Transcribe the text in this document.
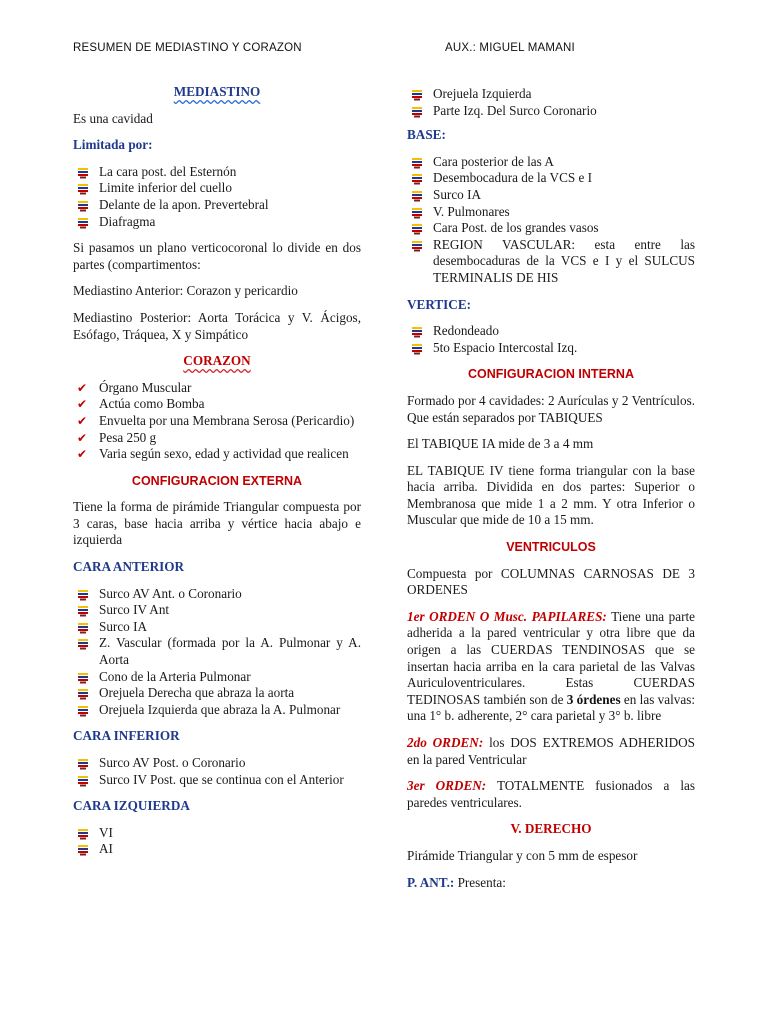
RESUMEN DE MEDIASTINO Y CORAZON	AUX.: MIGUEL MAMANI
MEDIASTINO

Es una cavidad

Limitada por:
La cara post. del Esternón
Limite inferior del cuello
Delante de la apon. Prevertebral
Diafragma

Si pasamos un plano verticocoronal lo divide en dos partes (compartimentos:

Mediastino Anterior: Corazon y pericardio

Mediastino Posterior: Aorta Torácica y V. Ácigos, Esófago, Tráquea, X y Simpático

CORAZON
✔ Órgano Muscular
✔ Actúa como Bomba
✔ Envuelta por una Membrana Serosa (Pericardio)
✔ Pesa 250 g
✔ Varia según sexo, edad y actividad que realicen
CONFIGURACION EXTERNA

Tiene la forma de pirámide Triangular compuesta por 3 caras, base hacia arriba y vértice hacia abajo e izquierda

CARA ANTERIOR
Surco AV Ant. o Coronario
Surco IV Ant
Surco IA
Z. Vascular (formada por la A. Pulmonar y A. Aorta
Cono de la Arteria Pulmonar
Orejuela Derecha que abraza la aorta
Orejuela Izquierda que abraza la A. Pulmonar
CARA INFERIOR
Surco AV Post. o Coronario
Surco IV Post. que se continua con el Anterior
CARA IZQUIERDA
VI
AI
Orejuela Izquierda
Parte Izq. Del Surco Coronario
BASE:
Cara posterior de las A
Desembocadura de la VCS e I
Surco IA
V. Pulmonares
Cara Post. de los grandes vasos
REGION VASCULAR: esta entre las desembocaduras de la VCS e I y el SULCUS TERMINALIS DE HIS
VERTICE:
Redondeado
5to Espacio Intercostal Izq.
CONFIGURACION INTERNA

Formado por 4 cavidades: 2 Aurículas y 2 Ventrículos. Que están separados por TABIQUES

El TABIQUE IA mide de 3 a 4 mm

EL TABIQUE IV tiene forma triangular con la base hacia arriba. Dividida en dos partes: Superior o Membranosa que mide 1 a 2 mm. Y otra Inferior o Muscular que mide de 10 a 15 mm.

VENTRICULOS

Compuesta por COLUMNAS CARNOSAS DE 3 ORDENES

1er ORDEN O Musc. PAPILARES: Tiene una parte adherida a la pared ventricular y otra libre que da origen a las CUERDAS TENDINOSAS que se insertan hacia arriba en la cara parietal de las Valvas Auriculoventriculares. Estas CUERDAS TEDINOSAS también son de 3 órdenes en las valvas: una 1° b. adherente, 2° cara parietal y 3° b. libre

2do ORDEN: los DOS EXTREMOS ADHERIDOS en la pared Ventricular

3er ORDEN: TOTALMENTE fusionados a las paredes ventriculares.

V. DERECHO

Pirámide Triangular y con 5 mm de espesor

P. ANT.: Presenta:
